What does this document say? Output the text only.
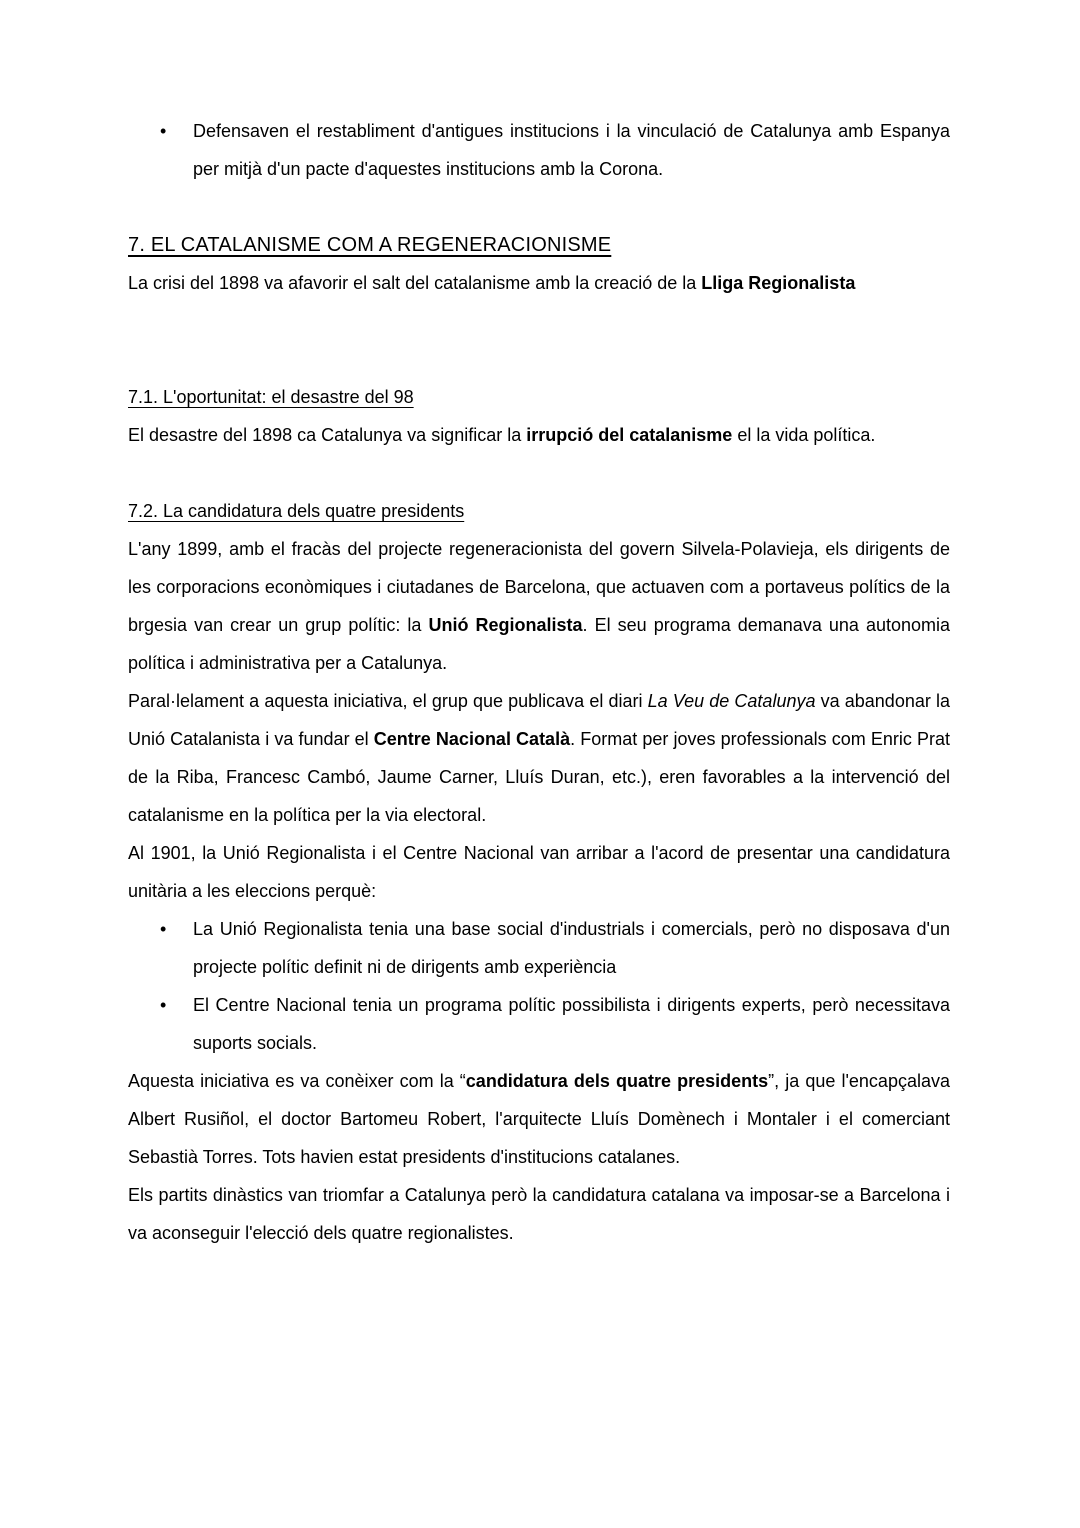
• Defensaven el restabliment d'antigues institucions i la vinculació de Catalunya amb Espanya per mitjà d'un pacte d'aquestes institucions amb la Corona.
7. EL CATALANISME COM A REGENERACIONISME
La crisi del 1898 va afavorir el salt del catalanisme amb la creació de la Lliga Regionalista
7.1. L'oportunitat: el desastre del 98
El desastre del 1898 ca Catalunya va significar la irrupció del catalanisme el la vida política.
7.2. La candidatura dels quatre presidents
L'any 1899, amb el fracàs del projecte regeneracionista del govern Silvela-Polavieja, els dirigents de les corporacions econòmiques i ciutadanes de Barcelona, que actuaven com a portaveus polítics de la brgesia van crear un grup polític: la Unió Regionalista. El seu programa demanava una autonomia política i administrativa per a Catalunya.
Paral·lelament a aquesta iniciativa, el grup que publicava el diari La Veu de Catalunya va abandonar la Unió Catalanista i va fundar el Centre Nacional Català. Format per joves professionals com Enric Prat de la Riba, Francesc Cambó, Jaume Carner, Lluís Duran, etc.), eren favorables a la intervenció del catalanisme en la política per la via electoral.
Al 1901, la Unió Regionalista i el Centre Nacional van arribar a l'acord de presentar una candidatura unitària a les eleccions perquè:
• La Unió Regionalista tenia una base social d'industrials i comercials, però no disposava d'un projecte polític definit ni de dirigents amb experiència
• El Centre Nacional tenia un programa polític possibilista i dirigents experts, però necessitava suports socials.
Aquesta iniciativa es va conèixer com la “candidatura dels quatre presidents”, ja que l'encapçalava Albert Rusiñol, el doctor Bartomeu Robert, l'arquitecte Lluís Domènech i Montaler i el comerciant Sebastià Torres. Tots havien estat presidents d'institucions catalanes.
Els partits dinàstics van triomfar a Catalunya però la candidatura catalana va imposar-se a Barcelona i va aconseguir l'elecció dels quatre regionalistes.
